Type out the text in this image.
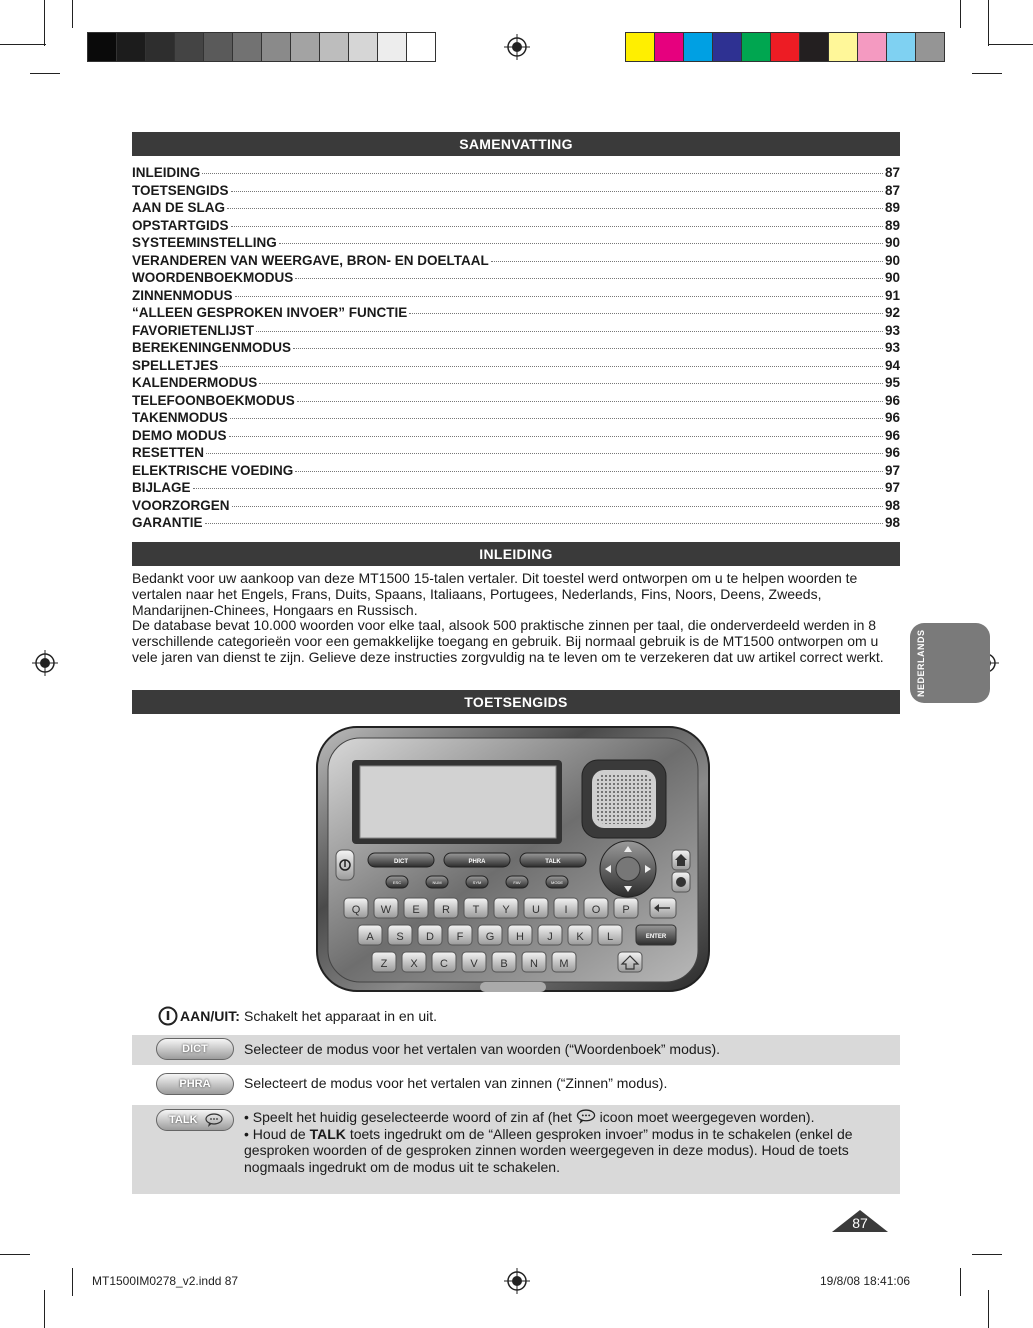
SAMENVATTING
INLEIDING	87
TOETSENGIDS	87
AAN DE SLAG	89
OPSTARTGIDS	89
SYSTEEMINSTELLING	90
VERANDEREN VAN WEERGAVE, BRON- EN DOELTAAL	90
WOORDENBOEKMODUS	90
ZINNENMODUS	91
“ALLEEN GESPROKEN INVOER” FUNCTIE	92
FAVORIETENLIJST	93
BEREKENINGENMODUS	93
SPELLETJES	94
KALENDERMODUS	95
TELEFOONBOEKMODUS	96
TAKENMODUS	96
DEMO MODUS	96
RESETTEN	96
ELEKTRISCHE VOEDING	97
BIJLAGE	97
VOORZORGEN	98
GARANTIE	98
INLEIDING

Bedankt voor uw aankoop van deze MT1500 15-talen vertaler. Dit toestel werd ontworpen om u te helpen woorden te vertalen naar het Engels, Frans, Duits, Spaans, Italiaans, Portugees, Nederlands, Fins, Noors, Deens, Zweeds, Mandarijnen-Chinees, Hongaars en Russisch.

De database bevat 10.000 woorden voor elke taal, alsook 500 praktische zinnen per taal, die onderverdeeld werden in 8 verschillende categorieën voor een gemakkelijke toegang en gebruik. Bij normaal gebruik is de MT1500 ontworpen om u vele jaren van dienst te zijn. Gelieve deze instructies zorgvuldig na te leven om te verzekeren dat uw artikel correct werkt.	NEDERLANDS
TOETSENGIDS
DICT	PHRA	TALK
ESC	NUM	SYM	FAV	MODE
Q W E R T Y U I O P
A S D F G H J K L
Z X C V B N M
ENTER
AAN/UIT: Schakelt het apparaat in en uit.
DICT	Selecteer de modus voor het vertalen van woorden (“Woordenboek” modus).
PHRA	Selecteert de modus voor het vertalen van zinnen (“Zinnen” modus).
TALK	• Speelt het huidig geselecteerde woord of zin af (het icoon moet weergegeven worden).
• Houd de TALK toets ingedrukt om de “Alleen gesproken invoer” modus in te schakelen (enkel de gesproken woorden of de gesproken zinnen worden weergegeven in deze modus). Houd de toets nogmaals ingedrukt om de modus uit te schakelen.
87
MT1500IM0278_v2.indd 87	19/8/08 18:41:06
